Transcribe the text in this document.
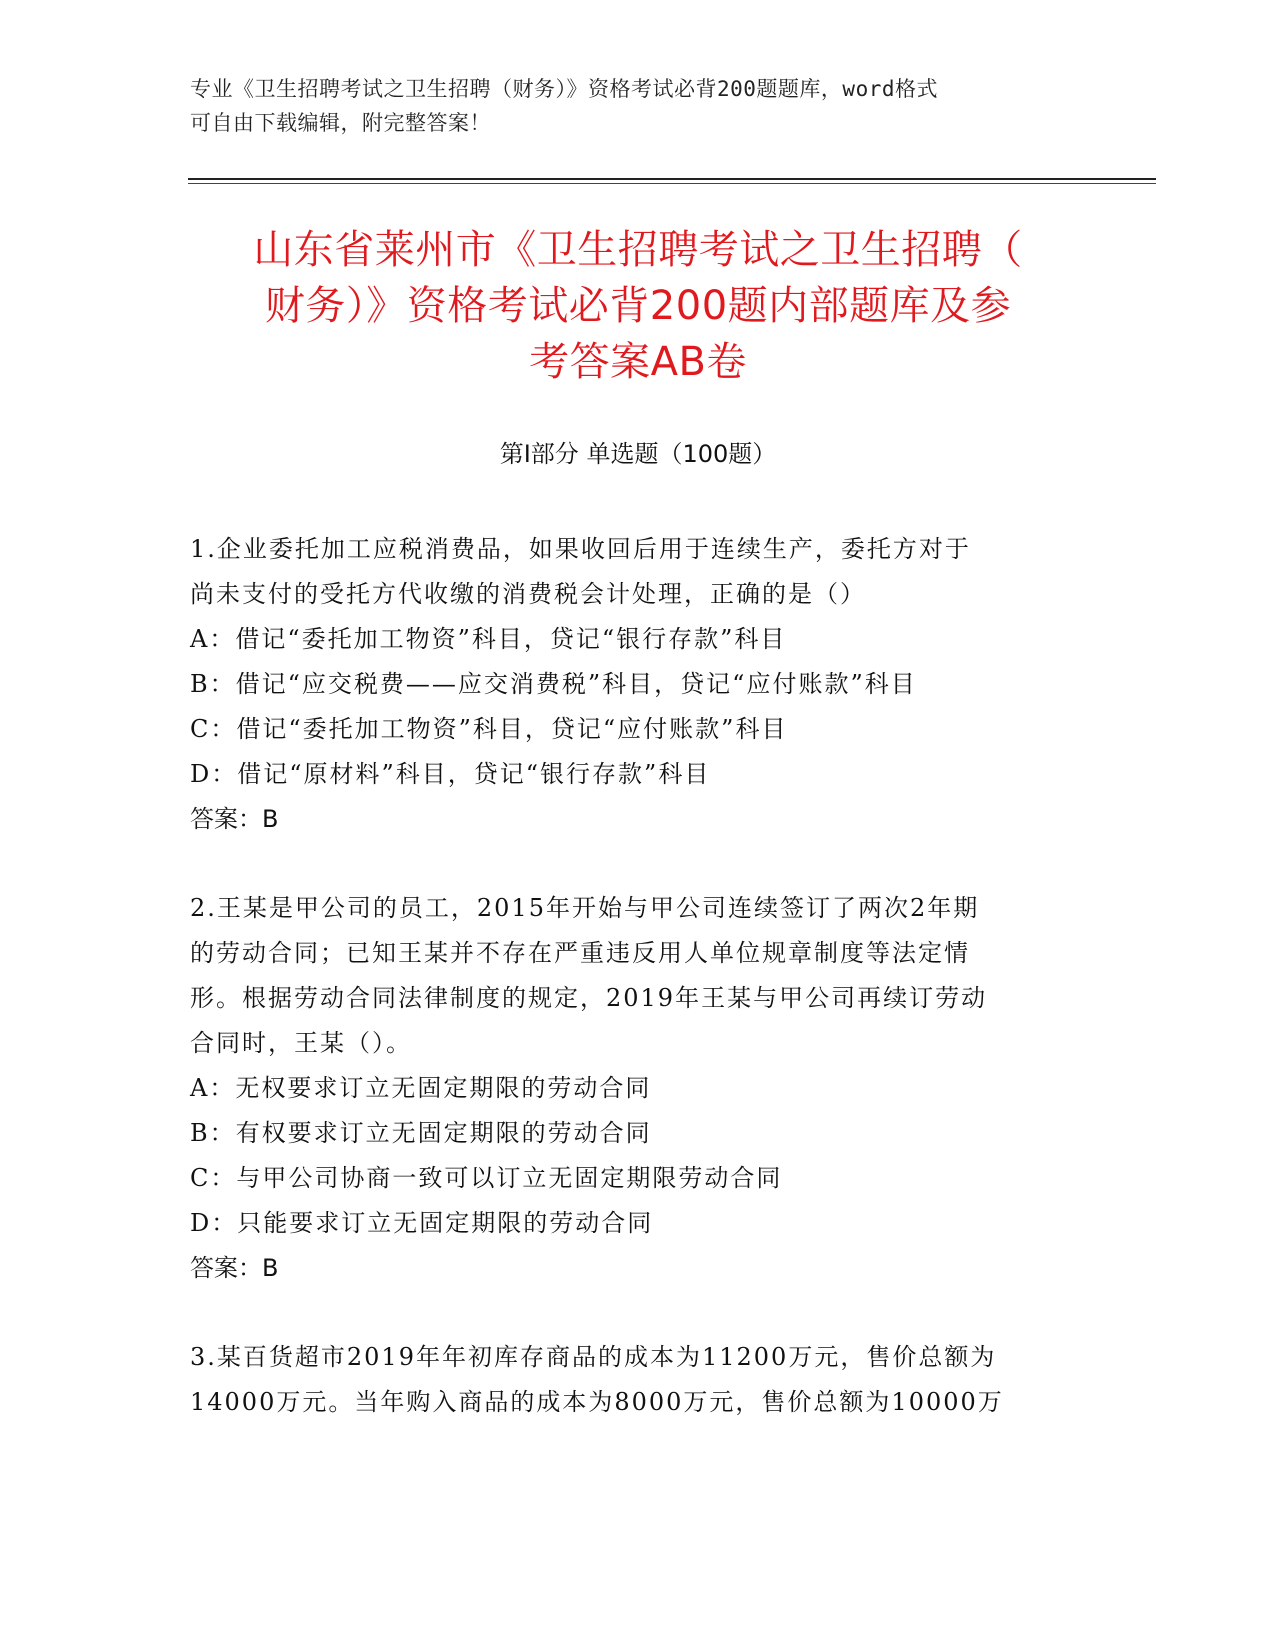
专业《卫生招聘考试之卫生招聘（财务）》资格考试必背200题题库，word格式
可自由下载编辑，附完整答案！
山东省莱州市《卫生招聘考试之卫生招聘（
财务）》资格考试必背200题内部题库及参
考答案AB卷
第I部分 单选题（100题）
1.企业委托加工应税消费品，如果收回后用于连续生产，委托方对于
尚未支付的受托方代收缴的消费税会计处理，正确的是（）
A：借记“委托加工物资”科目，贷记“银行存款”科目
B：借记“应交税费——应交消费税”科目，贷记“应付账款”科目
C：借记“委托加工物资”科目，贷记“应付账款”科目
D：借记“原材料”科目，贷记“银行存款”科目
答案：B
2.王某是甲公司的员工，2015年开始与甲公司连续签订了两次2年期
的劳动合同；已知王某并不存在严重违反用人单位规章制度等法定情
形。根据劳动合同法律制度的规定，2019年王某与甲公司再续订劳动
合同时，王某（）。
A：无权要求订立无固定期限的劳动合同
B：有权要求订立无固定期限的劳动合同
C：与甲公司协商一致可以订立无固定期限劳动合同
D：只能要求订立无固定期限的劳动合同
答案：B
3.某百货超市2019年年初库存商品的成本为11200万元，售价总额为
14000万元。当年购入商品的成本为8000万元，售价总额为10000万
